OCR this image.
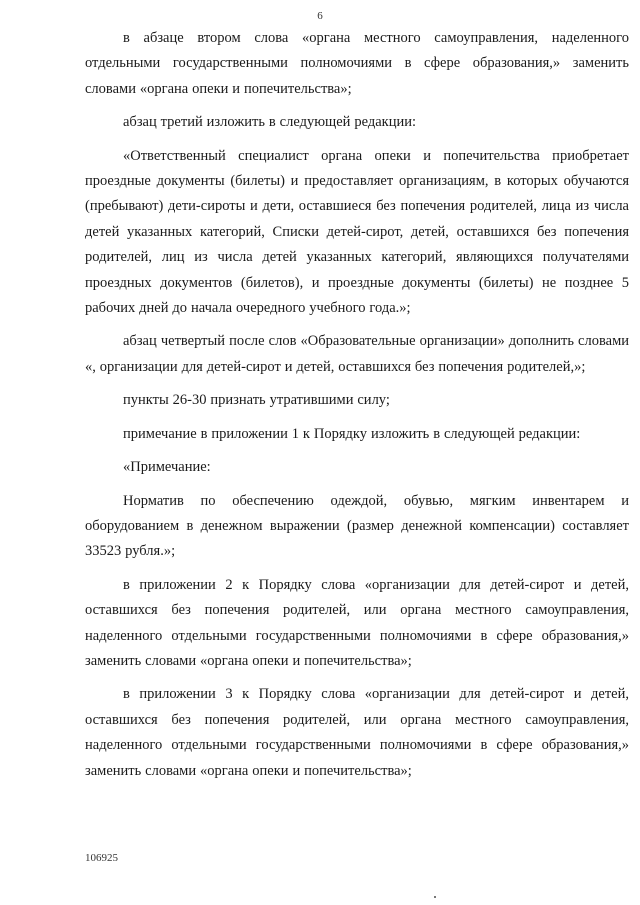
6

в абзаце втором слова «органа местного самоуправления, наделенного отдельными государственными полномочиями в сфере образования,» заменить словами «органа опеки и попечительства»;

абзац третий изложить в следующей редакции:

«Ответственный специалист органа опеки и попечительства приобретает проездные документы (билеты) и предоставляет организациям, в которых обучаются (пребывают) дети-сироты и дети, оставшиеся без попечения родителей, лица из числа детей указанных категорий, Списки детей-сирот, детей, оставшихся без попечения родителей, лиц из числа детей указанных категорий, являющихся получателями проездных документов (билетов), и проездные документы (билеты) не позднее 5 рабочих дней до начала очередного учебного года.»;

абзац четвертый после слов «Образовательные организации» дополнить словами «, организации для детей-сирот и детей, оставшихся без попечения родителей,»;

пункты 26-30 признать утратившими силу;

примечание в приложении 1 к Порядку изложить в следующей редакции:

«Примечание:

Норматив по обеспечению одеждой, обувью, мягким инвентарем и оборудованием в денежном выражении (размер денежной компенсации) составляет 33523 рубля.»;

в приложении 2 к Порядку слова «организации для детей-сирот и детей, оставшихся без попечения родителей, или органа местного самоуправления, наделенного отдельными государственными полномочиями в сфере образования,» заменить словами «органа опеки и попечительства»;

в приложении 3 к Порядку слова «организации для детей-сирот и детей, оставшихся без попечения родителей, или органа местного самоуправления, наделенного отдельными государственными полномочиями в сфере образования,» заменить словами «органа опеки и попечительства»;

106925
